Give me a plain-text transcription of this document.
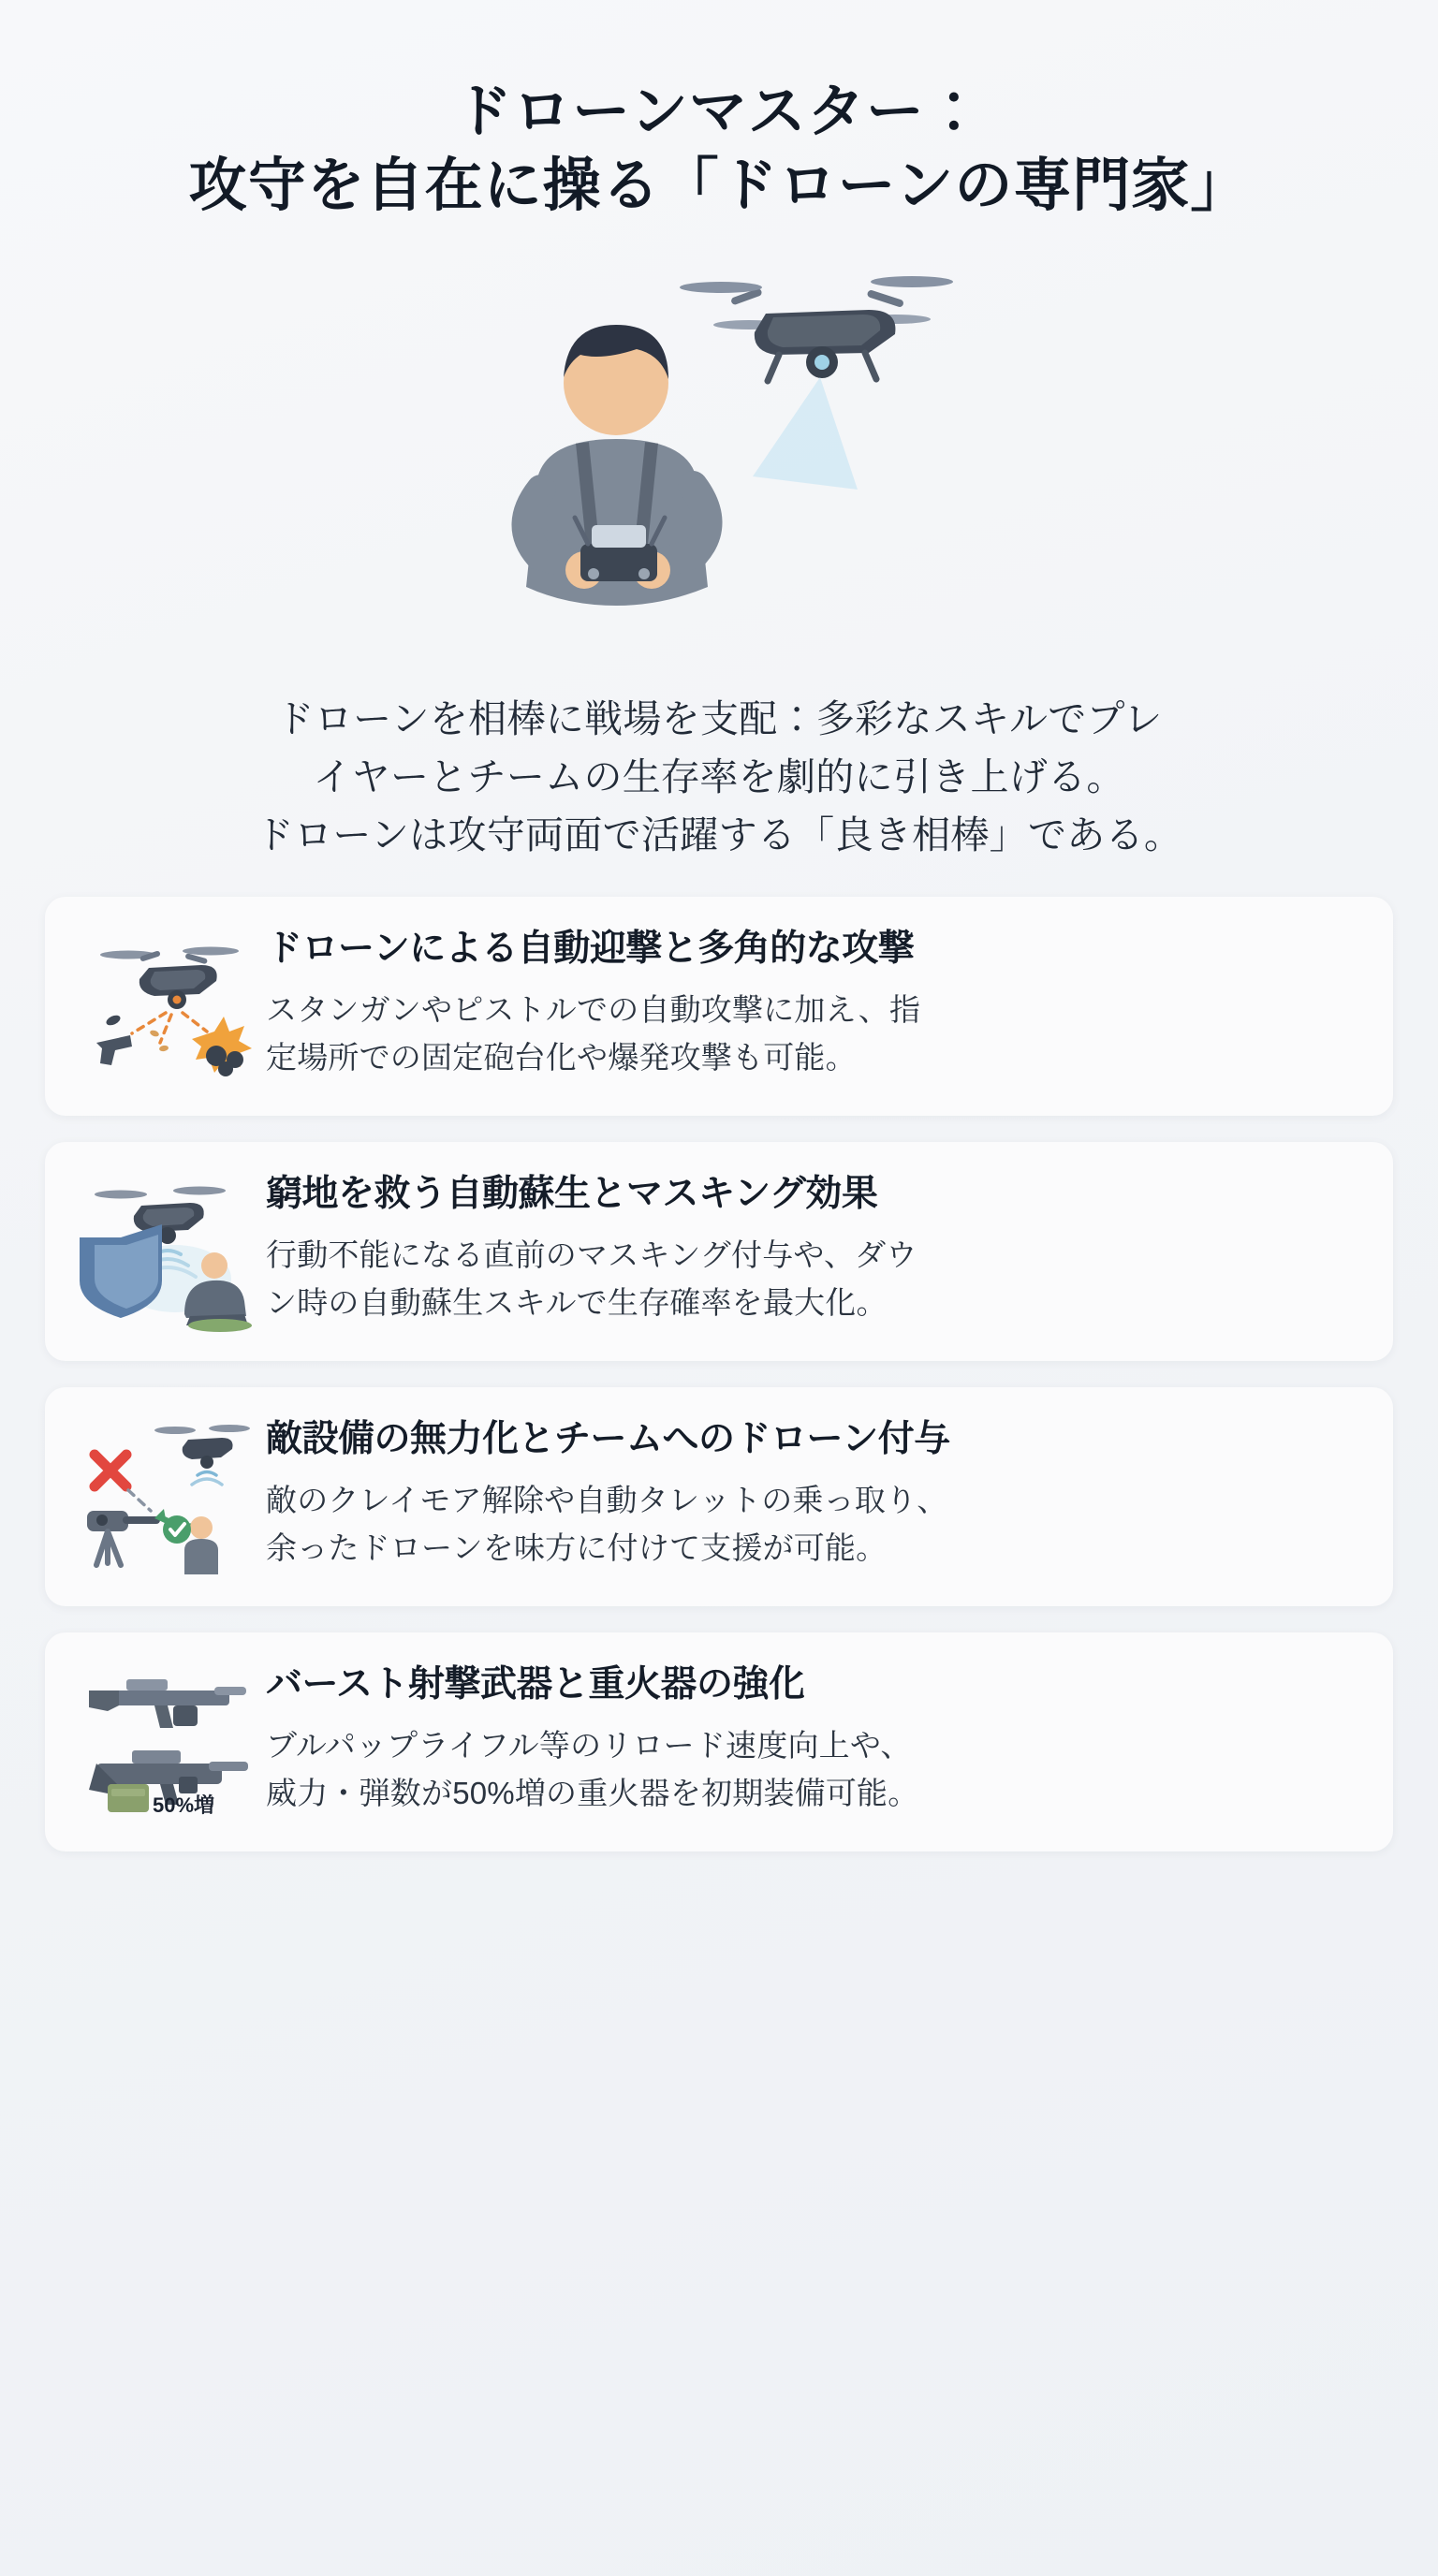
ドローンマスター：
攻守を自在に操る「ドローンの専門家」
ドローンを相棒に戦場を支配：多彩なスキルでプレ
イヤーとチームの生存率を劇的に引き上げる。
ドローンは攻守両面で活躍する「良き相棒」である。
ドローンによる自動迎撃と多角的な攻撃
スタンガンやピストルでの自動攻撃に加え、指
定場所での固定砲台化や爆発攻撃も可能。
窮地を救う自動蘇生とマスキング効果
行動不能になる直前のマスキング付与や、ダウ
ン時の自動蘇生スキルで生存確率を最大化。
敵設備の無力化とチームへのドローン付与
敵のクレイモア解除や自動タレットの乗っ取り、
余ったドローンを味方に付けて支援が可能。
50%増
バースト射撃武器と重火器の強化
ブルパップライフル等のリロード速度向上や、
威力・弾数が50%増の重火器を初期装備可能。
